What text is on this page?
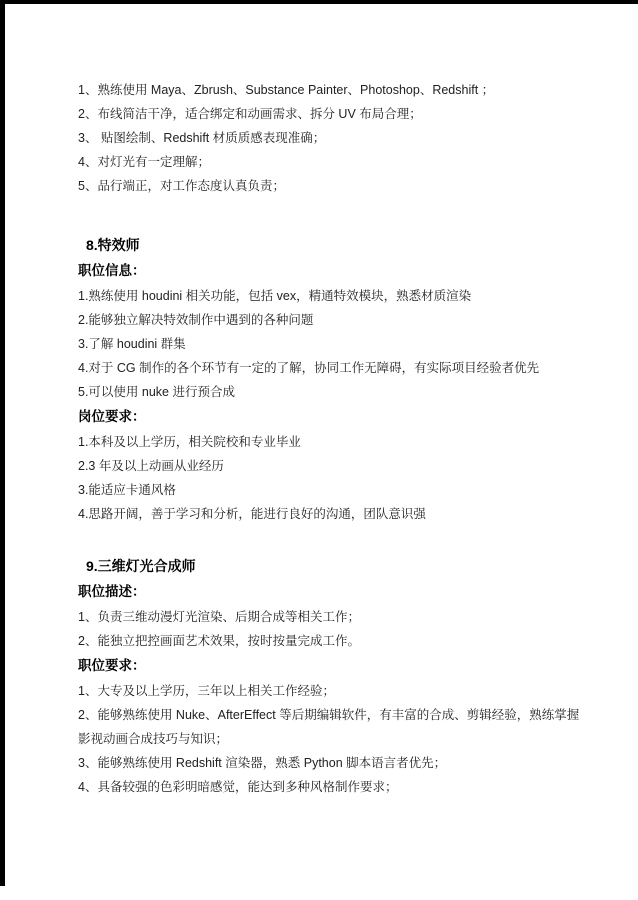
1、熟练使用 Maya、Zbrush、Substance Painter、Photoshop、Redshift ；

2、布线简洁干净，适合绑定和动画需求、拆分 UV 布局合理；

3、 贴图绘制、Redshift 材质质感表现准确；

4、对灯光有一定理解；

5、品行端正，对工作态度认真负责；

8.特效师
职位信息：

1.熟练使用 houdini 相关功能，包括 vex，精通特效模块，熟悉材质渲染

2.能够独立解决特效制作中遇到的各种问题

3.了解 houdini 群集

4.对于 CG 制作的各个环节有一定的了解，协同工作无障碍，有实际项目经验者优先

5.可以使用 nuke 进行预合成

岗位要求：

1.本科及以上学历，相关院校和专业毕业

2.3 年及以上动画从业经历

3.能适应卡通风格

4.思路开阔，善于学习和分析，能进行良好的沟通，团队意识强

9.三维灯光合成师
职位描述：

1、负责三维动漫灯光渲染、后期合成等相关工作；

2、能独立把控画面艺术效果，按时按量完成工作。

职位要求：

1、大专及以上学历，三年以上相关工作经验；

2、能够熟练使用 Nuke、AfterEffect 等后期编辑软件，有丰富的合成、剪辑经验，熟练掌握影视动画合成技巧与知识；

3、能够熟练使用 Redshift 渲染器，熟悉 Python 脚本语言者优先；

4、具备较强的色彩明暗感觉，能达到多种风格制作要求；
